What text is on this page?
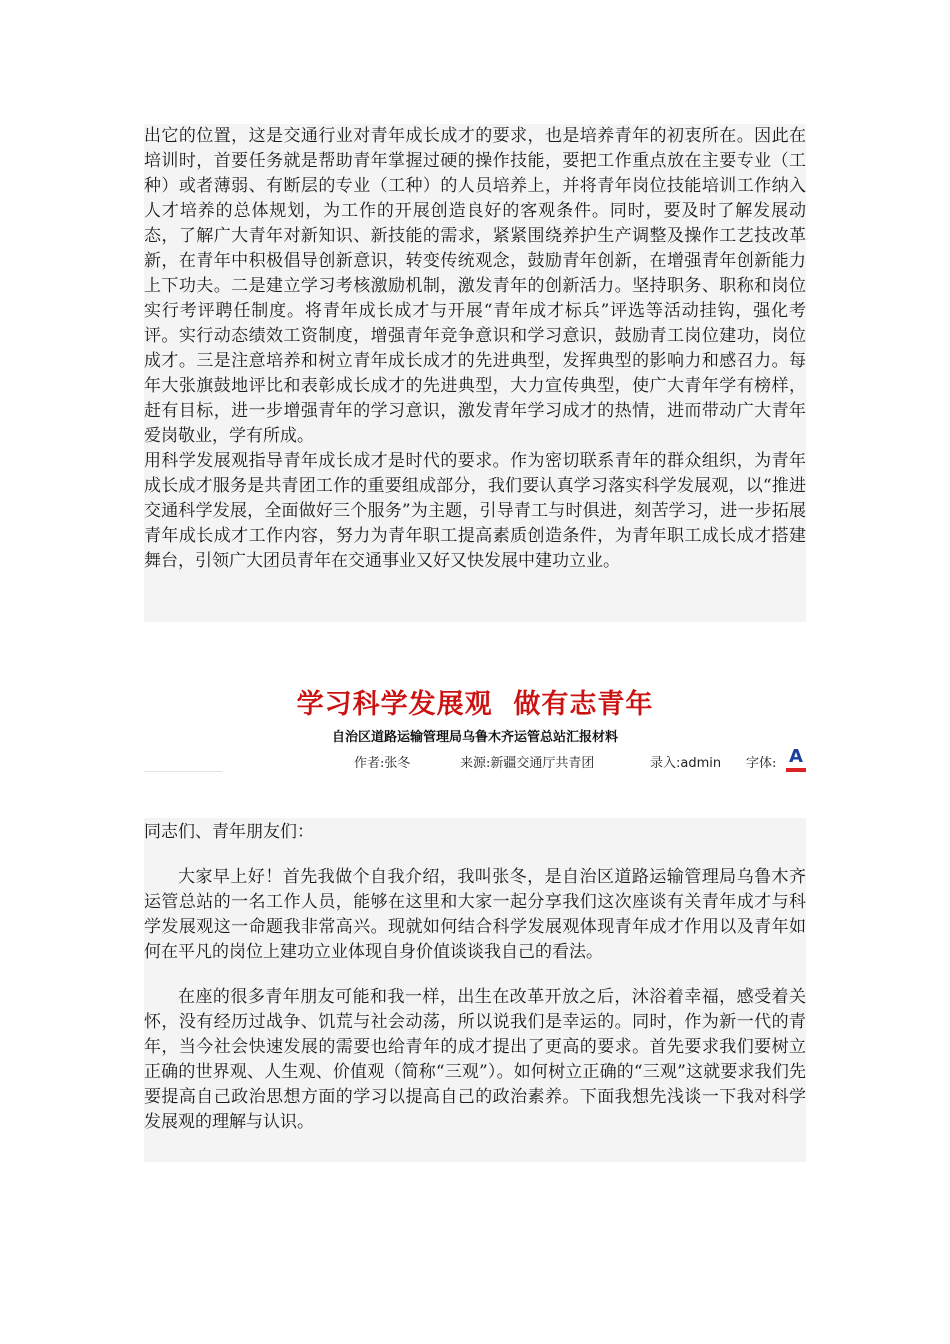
出它的位置，这是交通行业对青年成长成才的要求，也是培养青年的初衷所在。因此在培训时，首要任务就是帮助青年掌握过硬的操作技能，要把工作重点放在主要专业（工种）或者薄弱、有断层的专业（工种）的人员培养上，并将青年岗位技能培训工作纳入人才培养的总体规划，为工作的开展创造良好的客观条件。同时，要及时了解发展动态，了解广大青年对新知识、新技能的需求，紧紧围绕养护生产调整及操作工艺技改革新，在青年中积极倡导创新意识，转变传统观念，鼓励青年创新，在增强青年创新能力上下功夫。二是建立学习考核激励机制，激发青年的创新活力。坚持职务、职称和岗位实行考评聘任制度。将青年成长成才与开展“青年成才标兵”评选等活动挂钩，强化考评。实行动态绩效工资制度，增强青年竞争意识和学习意识，鼓励青工岗位建功，岗位成才。三是注意培养和树立青年成长成才的先进典型，发挥典型的影响力和感召力。每年大张旗鼓地评比和表彰成长成才的先进典型，大力宣传典型，使广大青年学有榜样，赶有目标，进一步增强青年的学习意识，激发青年学习成才的热情，进而带动广大青年爱岗敬业，学有所成。

用科学发展观指导青年成长成才是时代的要求。作为密切联系青年的群众组织，为青年成长成才服务是共青团工作的重要组成部分，我们要认真学习落实科学发展观，以“推进交通科学发展，全面做好三个服务”为主题，引导青工与时俱进，刻苦学习，进一步拓展青年成长成才工作内容，努力为青年职工提高素质创造条件，为青年职工成长成才搭建舞台，引领广大团员青年在交通事业又好又快发展中建功立业。

学习科学发展观  做有志青年
自治区道路运输管理局乌鲁木齐运管总站汇报材料
作者:张冬	来源:新疆交通厅共青团	录入:admin 字体: A

同志们、青年朋友们：

大家早上好！首先我做个自我介绍，我叫张冬，是自治区道路运输管理局乌鲁木齐运管总站的一名工作人员，能够在这里和大家一起分享我们这次座谈有关青年成才与科学发展观这一命题我非常高兴。现就如何结合科学发展观体现青年成才作用以及青年如何在平凡的岗位上建功立业体现自身价值谈谈我自己的看法。

在座的很多青年朋友可能和我一样，出生在改革开放之后，沐浴着幸福，感受着关怀，没有经历过战争、饥荒与社会动荡，所以说我们是幸运的。同时，作为新一代的青年，当今社会快速发展的需要也给青年的成才提出了更高的要求。首先要求我们要树立正确的世界观、人生观、价值观（简称“三观”）。如何树立正确的“三观”这就要求我们先要提高自己政治思想方面的学习以提高自己的政治素养。下面我想先浅谈一下我对科学发展观的理解与认识。
